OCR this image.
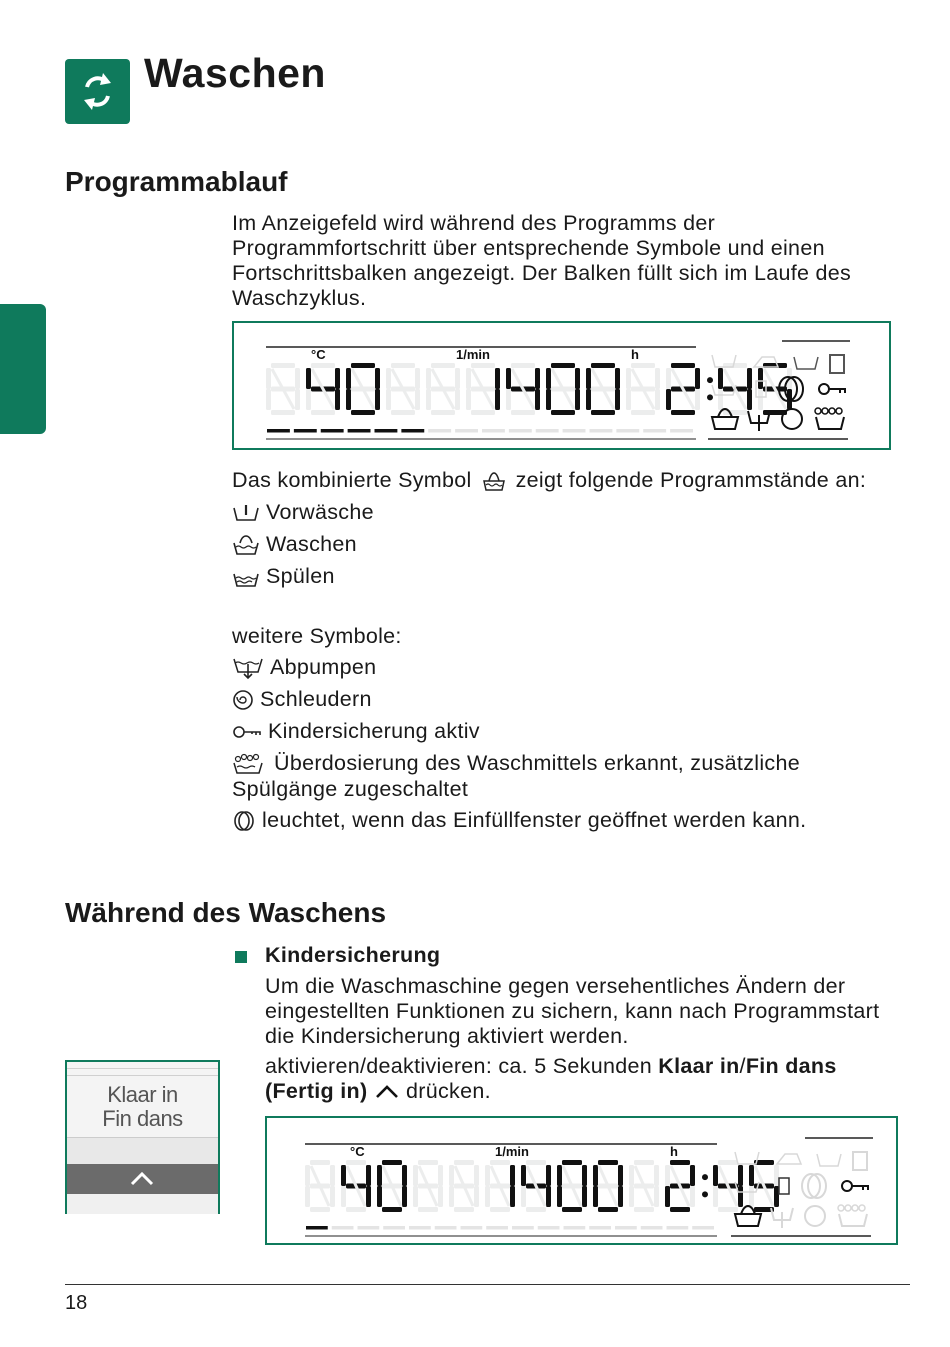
Waschen
Programmablauf
Im Anzeigefeld wird während des Programms der Programmfortschritt über entsprechende Symbole und einen Fortschrittsbalken angezeigt. Der Balken füllt sich im Laufe des Waschzyklus.
°C	1/min	h
Das kombinierte Symbol zeigt folgende Programmstände an:
Vorwäsche
Waschen
Spülen
weitere Symbole:
Abpumpen
Schleudern
Kindersicherung aktiv
Überdosierung des Waschmittels erkannt, zusätzliche
Spülgänge zugeschaltet
leuchtet, wenn das Einfüllfenster geöffnet werden kann.
Während des Waschens
Kindersicherung
Um die Waschmaschine gegen versehentliches Ändern der eingestellten Funktionen zu sichern, kann nach Programmstart die Kindersicherung aktiviert werden.
aktivieren/deaktivieren: ca. 5 Sekunden Klaar in/Fin dans
(Fertig in)  drücken.
Klaar in
Fin dans
°C	1/min	h
18
